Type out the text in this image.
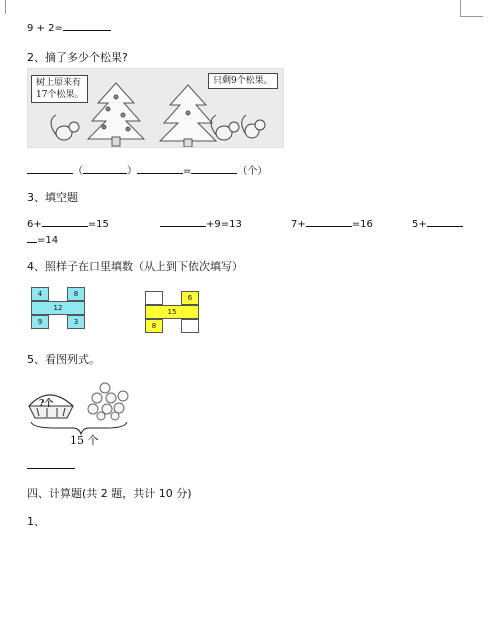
9 + 2=
2、摘了多少个松果?
树上原来有
17个松果。
只剩9个松果。
（	）	=	（个）
3、填空题
6+	=15	+9=13	7+	=16	5+
=14
4、照样子在口里填数（从上到下依次填写）
4	8
12
9	3
6
15
8
5、看图列式。
?个
15 个
四、计算题(共 2 题，共计 10 分)
1、
